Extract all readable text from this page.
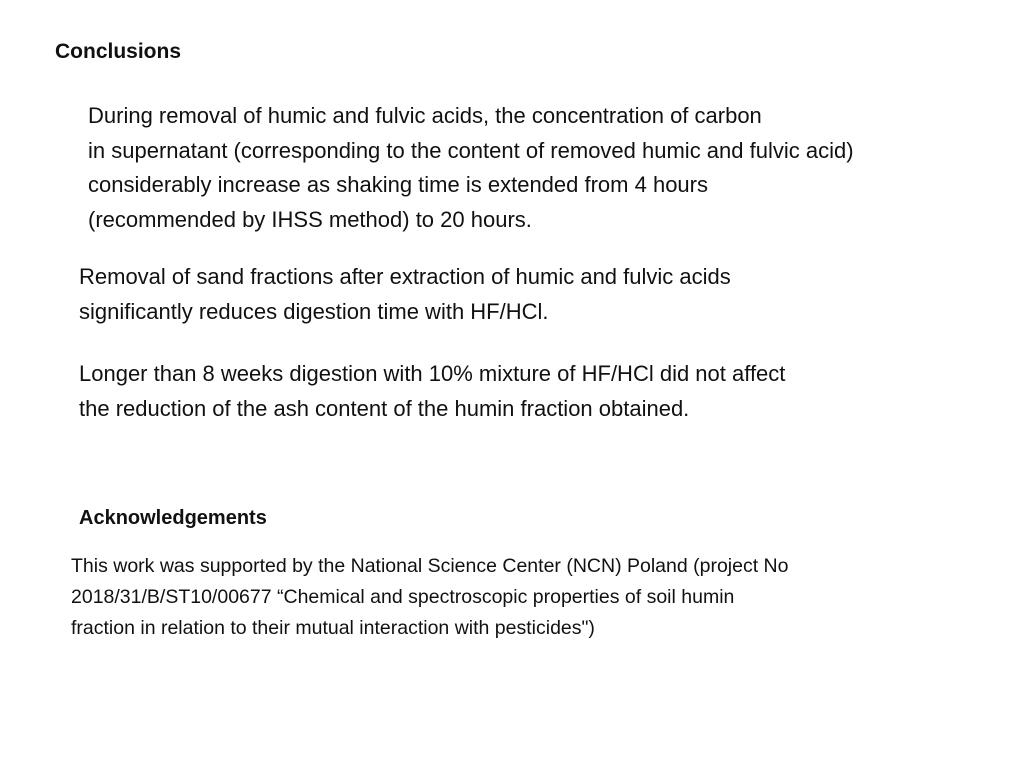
Conclusions

During removal of humic and fulvic acids, the concentration of carbon
in supernatant (corresponding to the content of removed humic and fulvic acid)
considerably increase as shaking time is extended from 4 hours
(recommended by IHSS method) to 20 hours.

Removal of sand fractions after extraction of humic and fulvic acids
significantly reduces digestion time with HF/HCl.

Longer than 8 weeks digestion with 10% mixture of HF/HCl did not affect
the reduction of the ash content of the humin fraction obtained.

Acknowledgements

This work was supported by the National Science Center (NCN) Poland (project No
2018/31/B/ST10/00677 “Chemical and spectroscopic properties of soil humin
fraction in relation to their mutual interaction with pesticides")
